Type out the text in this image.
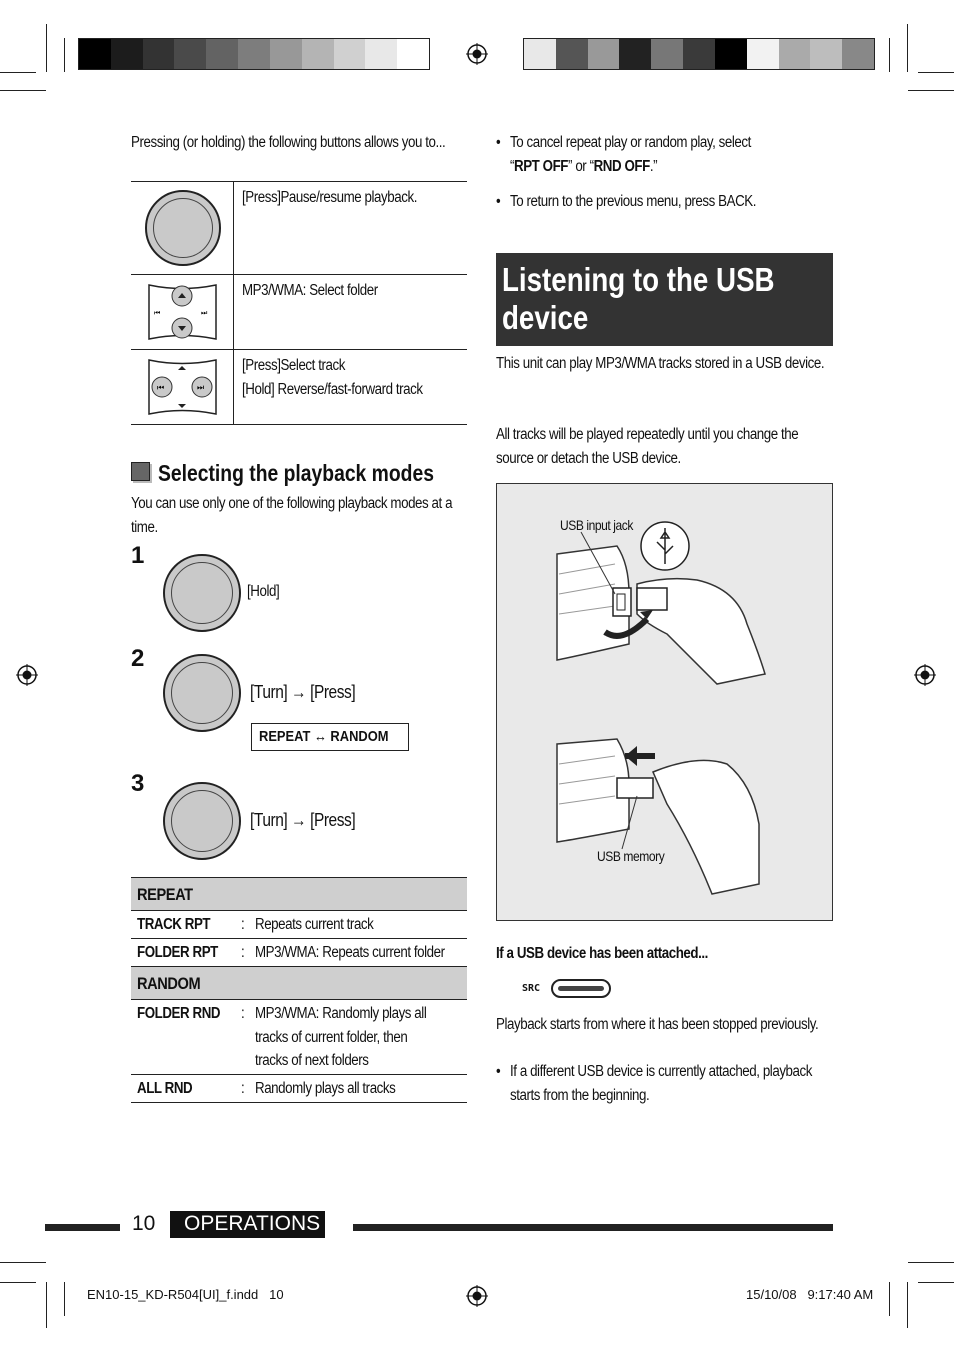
Pressing (or holding) the following buttons allows you to...
[Press]Pause/resume playback.
⏮	⏭
MP3/WMA: Select folder
⏮	⏭
[Press]Select track
[Hold] Reverse/fast-forward track
Selecting the playback modes
You can use only one of the following playback modes at a time.
1
[Hold]
2
[Turn] → [Press]
REPEAT ↔ RANDOM
3
[Turn] → [Press]
REPEAT
TRACK RPT : Repeats current track
FOLDER RPT : MP3/WMA: Repeats current folder
RANDOM
FOLDER RND : MP3/WMA: Randomly plays all
tracks of current folder, then
tracks of next folders
ALL RND	: Randomly plays all tracks
• To cancel repeat play or random play, select
“RPT OFF” or “RND OFF.”
• To return to the previous menu, press BACK.
Listening to the USB
device
This unit can play MP3/WMA tracks stored in a USB device.
All tracks will be played repeatedly until you change the source or detach the USB device.
USB input jack
USB memory
If a USB device has been attached...
SRC
Playback starts from where it has been stopped previously.
• If a different USB device is currently attached, playback starts from the beginning.
10 OPERATIONS
EN10-15_KD-R504[UI]_f.indd   10	15/10/08   9:17:40 AM
